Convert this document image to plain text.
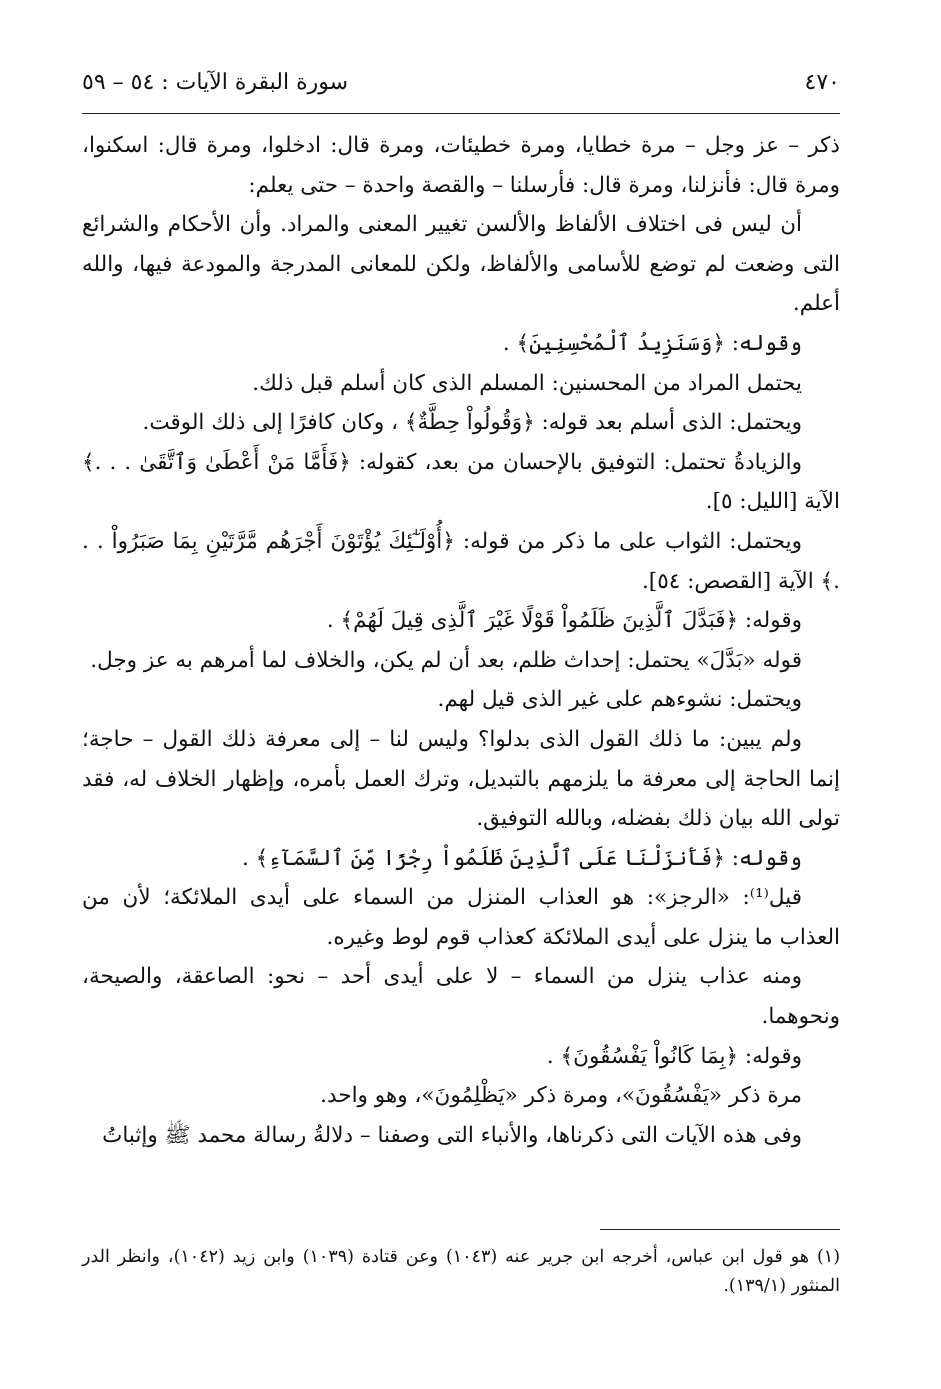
٤٧٠
سورة البقرة الآيات : ٥٤ – ٥٩

ذكر – عز وجل – مرة خطايا، ومرة خطيئات، ومرة قال: ادخلوا، ومرة قال: اسكنوا، ومرة قال: فأنزلنا، ومرة قال: فأرسلنا – والقصة واحدة – حتى يعلم:

أن ليس فى اختلاف الألفاظ والألسن تغيير المعنى والمراد. وأن الأحكام والشرائع التى وضعت لم توضع للأسامى والألفاظ، ولكن للمعانى المدرجة والمودعة فيها، والله أعلم.

وقوله: ﴿وَسَنَزِيدُ ٱلْمُحْسِنِينَ﴾ .

يحتمل المراد من المحسنين: المسلم الذى كان أسلم قبل ذلك.

ويحتمل: الذى أسلم بعد قوله: ﴿وَقُولُواْ حِطَّةٌ﴾ ، وكان كافرًا إلى ذلك الوقت.

والزيادةُ تحتمل: التوفيق بالإحسان من بعد، كقوله: ﴿فَأَمَّا مَنْ أَعْطَىٰ وَٱتَّقَىٰ . . .﴾ الآية [الليل: ٥].

ويحتمل: الثواب على ما ذكر من قوله: ﴿أُوْلَـٰٓئِكَ يُؤْتَوْنَ أَجْرَهُم مَّرَّتَيْنِ بِمَا صَبَرُواْ . . .﴾ الآية [القصص: ٥٤].

وقوله: ﴿فَبَدَّلَ ٱلَّذِينَ ظَلَمُواْ قَوْلًا غَيْرَ ٱلَّذِى قِيلَ لَهُمْ﴾ .

قوله «بَدَّلَ» يحتمل: إحداث ظلم، بعد أن لم يكن، والخلاف لما أمرهم به عز وجل.

ويحتمل: نشوءهم على غير الذى قيل لهم.

ولم يبين: ما ذلك القول الذى بدلوا؟ وليس لنا – إلى معرفة ذلك القول – حاجة؛ إنما الحاجة إلى معرفة ما يلزمهم بالتبديل، وترك العمل بأمره، وإظهار الخلاف له، فقد تولى الله بيان ذلك بفضله، وبالله التوفيق.

وقوله: ﴿فَأَنزَلْنَا عَلَى ٱلَّذِينَ ظَلَمُواْ رِجْزًا مِّنَ ٱلسَّمَآءِ﴾ .

قيل⁽¹⁾: «الرجز»: هو العذاب المنزل من السماء على أيدى الملائكة؛ لأن من العذاب ما ينزل على أيدى الملائكة كعذاب قوم لوط وغيره.

ومنه عذاب ينزل من السماء – لا على أيدى أحد – نحو: الصاعقة، والصيحة، ونحوهما.

وقوله: ﴿بِمَا كَانُواْ يَفْسُقُونَ﴾ .

مرة ذكر «يَفْسُقُونَ»، ومرة ذكر «يَظْلِمُونَ»، وهو واحد.

وفى هذه الآيات التى ذكرناها، والأنباء التى وصفنا – دلالةُ رسالة محمد ﷺ وإثباتُ

(١) هو قول ابن عباس، أخرجه ابن جرير عنه (١٠٤٣) وعن قتادة (١٠٣٩) وابن زيد (١٠٤٢)، وانظر الدر المنثور (١٣٩/١).
